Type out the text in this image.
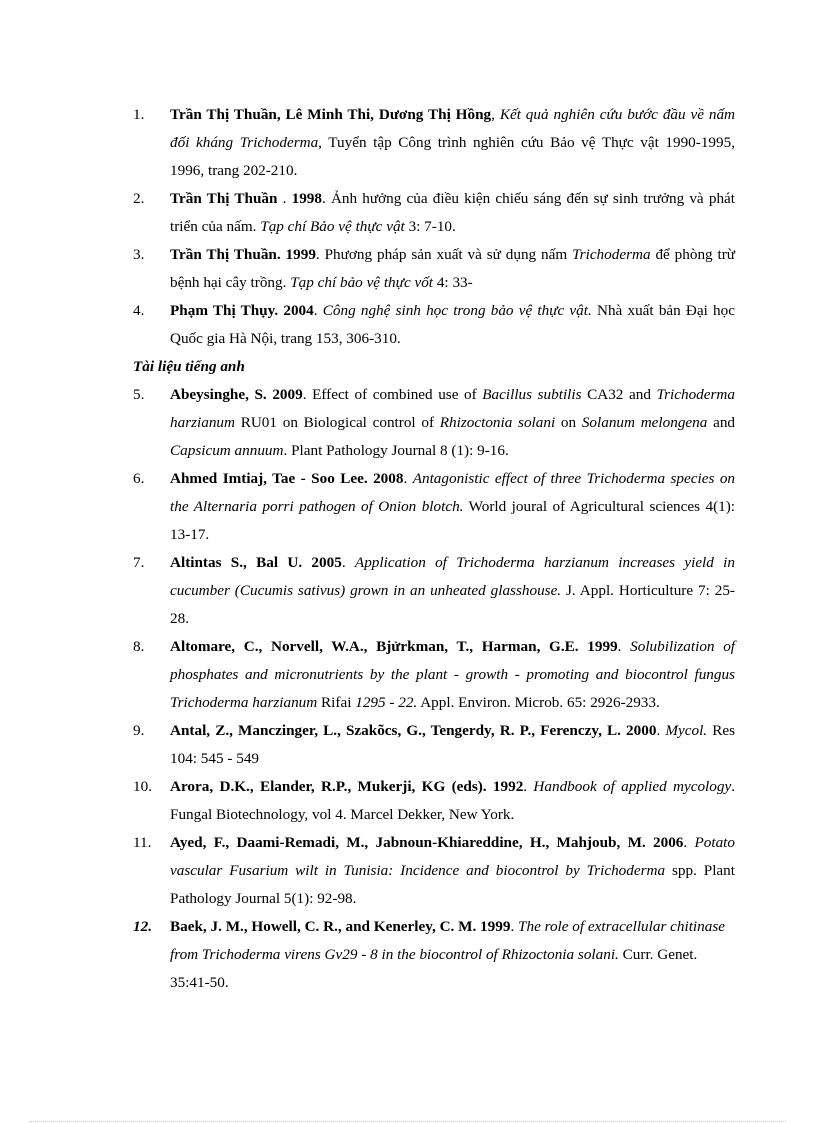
1.	Trần Thị Thuần, Lê Minh Thi, Dương Thị Hồng, Kết quả nghiên cứu bước đầu về nấm đối kháng Trichoderma, Tuyển tập Công trình nghiên cứu Bảo vệ Thực vật 1990-1995, 1996, trang 202-210.
2.	Trần Thị Thuần . 1998. Ảnh hưởng của điều kiện chiếu sáng đến sự sinh trưởng và phát triển của nấm. Tạp chí Bảo vệ thực vật 3: 7-10.
3.	Trần Thị Thuần. 1999. Phương pháp sản xuất và sử dụng nấm Trichoderma để phòng trừ bệnh hại cây trồng. Tạp chí bảo vệ thực vốt 4: 33-
4.	Phạm Thị Thụy. 2004. Công nghệ sinh học trong bảo vệ thực vật. Nhà xuất bản Đại học Quốc gia Hà Nội, trang 153, 306-310.
Tài liệu tiếng anh
5.	Abeysinghe, S. 2009. Effect of combined use of Bacillus subtilis CA32 and Trichoderma harzianum RU01 on Biological control of Rhizoctonia solani on Solanum melongena and Capsicum annuum. Plant Pathology Journal 8 (1): 9-16.
6.	Ahmed Imtiaj, Tae - Soo Lee. 2008. Antagonistic effect of three Trichoderma species on the Alternaria porri pathogen of Onion blotch. World joural of Agricultural sciences 4(1): 13-17.
7.	Altintas S., Bal U. 2005. Application of Trichoderma harzianum increases yield in cucumber (Cucumis sativus) grown in an unheated glasshouse. J. Appl. Horticulture 7: 25-28.
8.	Altomare, C., Norvell, W.A., Bjửrkman, T., Harman, G.E. 1999. Solubilization of phosphates and micronutrients by the plant - growth - promoting and biocontrol fungus Trichoderma harzianum Rifai 1295 - 22. Appl. Environ. Microb. 65: 2926-2933.
9.	Antal, Z., Manczinger, L., Szakõcs, G., Tengerdy, R. P., Ferenczy, L. 2000. Mycol. Res 104: 545 - 549
10.	Arora, D.K., Elander, R.P., Mukerji, KG (eds). 1992. Handbook of applied mycology. Fungal Biotechnology, vol 4. Marcel Dekker, New York.
11.	Ayed, F., Daami-Remadi, M., Jabnoun-Khiareddine, H., Mahjoub, M. 2006. Potato vascular Fusarium wilt in Tunisia: Incidence and biocontrol by Trichoderma spp. Plant Pathology Journal 5(1): 92-98.
12.	Baek, J. M., Howell, C. R., and Kenerley, C. M. 1999. The role of extracellular chitinase from Trichoderma virens Gv29 - 8 in the biocontrol of Rhizoctonia solani. Curr. Genet. 35:41-50.
